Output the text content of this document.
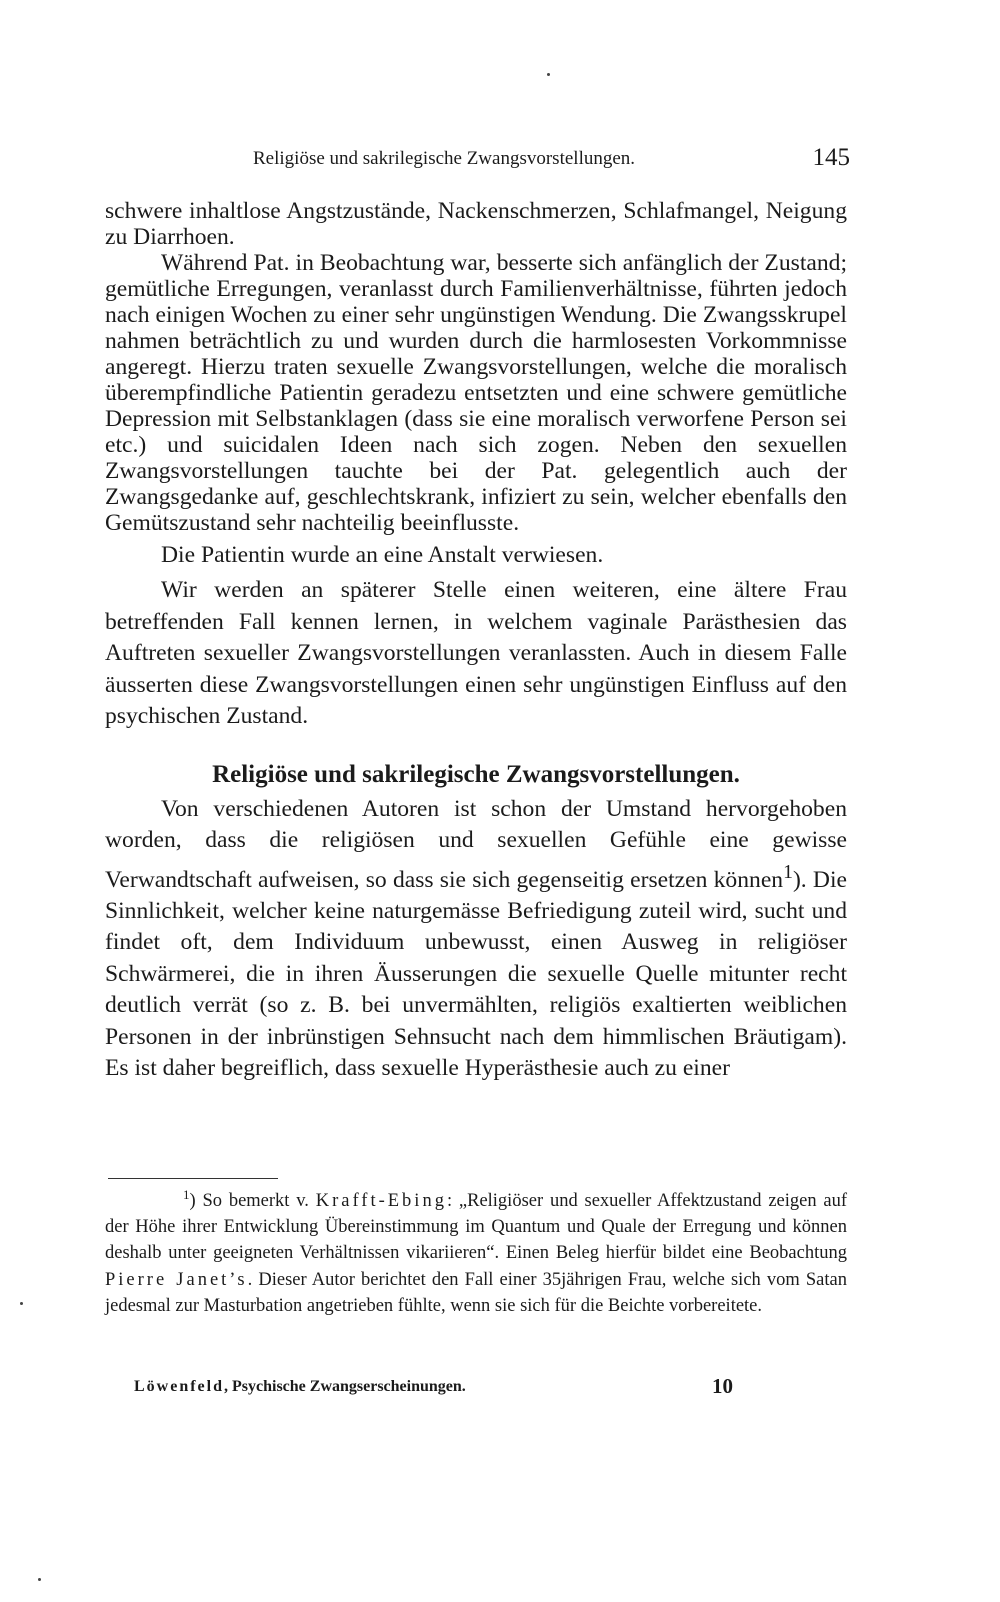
Religiöse und sakrilegische Zwangsvorstellungen.	145

schwere inhaltlose Angstzustände, Nackenschmerzen, Schlafmangel, Neigung zu Diarrhoen.

Während Pat. in Beobachtung war, besserte sich anfänglich der Zustand; gemütliche Erregungen, veranlasst durch Familienverhältnisse, führten jedoch nach einigen Wochen zu einer sehr ungünstigen Wendung. Die Zwangsskrupel nahmen beträchtlich zu und wurden durch die harmlosesten Vorkommnisse angeregt. Hierzu traten sexuelle Zwangsvorstellungen, welche die moralisch überempfindliche Patientin geradezu entsetzten und eine schwere gemütliche Depression mit Selbstanklagen (dass sie eine moralisch verworfene Person sei etc.) und suicidalen Ideen nach sich zogen. Neben den sexuellen Zwangsvorstellungen tauchte bei der Pat. gelegentlich auch der Zwangsgedanke auf, geschlechtskrank, infiziert zu sein, welcher ebenfalls den Gemütszustand sehr nachteilig beeinflusste.

Die Patientin wurde an eine Anstalt verwiesen.

Wir werden an späterer Stelle einen weiteren, eine ältere Frau betreffenden Fall kennen lernen, in welchem vaginale Parästhesien das Auftreten sexueller Zwangsvorstellungen veranlassten. Auch in diesem Falle äusserten diese Zwangsvorstellungen einen sehr ungünstigen Einfluss auf den psychischen Zustand.

Religiöse und sakrilegische Zwangsvorstellungen.

Von verschiedenen Autoren ist schon der Umstand hervorgehoben worden, dass die religiösen und sexuellen Gefühle eine gewisse Verwandtschaft aufweisen, so dass sie sich gegenseitig ersetzen können$^1$). Die Sinnlichkeit, welcher keine naturgemässe Befriedigung zuteil wird, sucht und findet oft, dem Individuum unbewusst, einen Ausweg in religiöser Schwärmerei, die in ihren Äusserungen die sexuelle Quelle mitunter recht deutlich verrät (so z. B. bei unvermählten, religiös exaltierten weiblichen Personen in der inbrünstigen Sehnsucht nach dem himmlischen Bräutigam). Es ist daher begreiflich, dass sexuelle Hyperästhesie auch zu einer

$^1$) So bemerkt v. Krafft-Ebing: „Religiöser und sexueller Affektzustand zeigen auf der Höhe ihrer Entwicklung Übereinstimmung im Quantum und Quale der Erregung und können deshalb unter geeigneten Verhältnissen vikariieren“. Einen Beleg hierfür bildet eine Beobachtung Pierre Janet’s. Dieser Autor berichtet den Fall einer 35jährigen Frau, welche sich vom Satan jedesmal zur Masturbation angetrieben fühlte, wenn sie sich für die Beichte vorbereitete.

Löwenfeld, Psychische Zwangserscheinungen.	10
